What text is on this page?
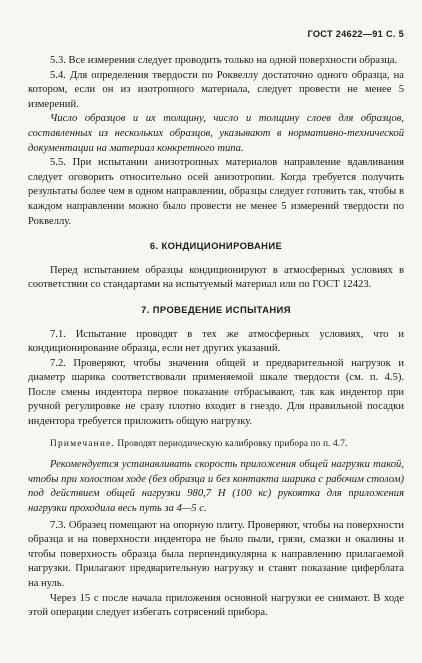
ГОСТ 24622—91 С. 5

5.3. Все измерения следует проводить только на одной поверхности образца.

5.4. Для определения твердости по Роквеллу достаточно одного образца, на котором, если он из изотропного материала, следует провести не менее 5 измерений.

Число образцов и их толщину, число и толщину слоев для образцов, составленных из нескольких образцов, указывают в нормативно-технической документации на материал конкретного типа.

5.5. При испытании анизотропных материалов направление вдавливания следует оговорить относительно осей анизотропии. Когда требуется получить результаты более чем в одном направлении, образцы следует готовить так, чтобы в каждом направлении можно было провести не менее 5 измерений твердости по Роквеллу.

6. КОНДИЦИОНИРОВАНИЕ

Перед испытанием образцы кондиционируют в атмосферных условиях в соответствии со стандартами на испытуемый материал или по ГОСТ 12423.

7. ПРОВЕДЕНИЕ ИСПЫТАНИЯ

7.1. Испытание проводят в тех же атмосферных условиях, что и кондиционирование образца, если нет других указаний.

7.2. Проверяют, чтобы значения общей и предварительной нагрузок и диаметр шарика соответствовали применяемой шкале твердости (см. п. 4.5). После смены индентора первое показание отбрасывают, так как индентор при ручной регулировке не сразу плотно входит в гнездо. Для правильной посадки индентора требуется приложить общую нагрузку.

Примечание. Проводят периодическую калибровку прибора по п. 4.7.

Рекомендуется устанавливать скорость приложения общей нагрузки такой, чтобы при холостом ходе (без образца и без контакта шарика с рабочим столом) под действием общей нагрузки 980,7 Н (100 кс) рукоятка для приложения нагрузки проходила весь путь за 4—5 с.

7.3. Образец помещают на опорную плиту. Проверяют, чтобы на поверхности образца и на поверхности индентора не было пыли, грязи, смазки и окалины и чтобы поверхность образца была перпендикулярна к направлению прилагаемой нагрузки. Прилагают предварительную нагрузку и ставят показание циферблата на нуль.

Через 15 с после начала приложения основной нагрузки ее снимают. В ходе этой операции следует избегать сотрясений прибора.
